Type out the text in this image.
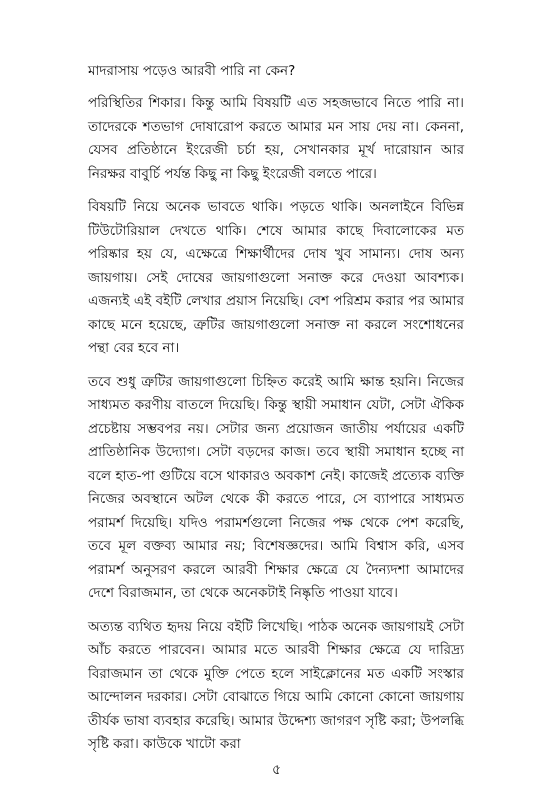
মাদরাসায় পড়েও আরবী পারি না কেন?

পরিস্থিতির শিকার। কিন্তু আমি বিষয়টি এত সহজভাবে নিতে পারি না। তাদেরকে শতভাগ দোষারোপ করতে আমার মন সায় দেয় না। কেননা, যেসব প্রতিষ্ঠানে ইংরেজী চর্চা হয়, সেখানকার মূর্খ দারোয়ান আর নিরক্ষর বাবুর্চি পর্যন্ত কিছু না কিছু ইংরেজী বলতে পারে।

বিষয়টি নিয়ে অনেক ভাবতে থাকি। পড়তে থাকি। অনলাইনে বিভিন্ন টিউটোরিয়াল দেখতে থাকি। শেষে আমার কাছে দিবালোকের মত পরিষ্কার হয় যে, এক্ষেত্রে শিক্ষার্থীদের দোষ খুব সামান্য। দোষ অন্য জায়গায়। সেই দোষের জায়গাগুলো সনাক্ত করে দেওয়া আবশ্যক। এজন্যই এই বইটি লেখার প্রয়াস নিয়েছি। বেশ পরিশ্রম করার পর আমার কাছে মনে হয়েছে, ত্রুটির জায়গাগুলো সনাক্ত না করলে সংশোধনের পন্থা বের হবে না।

তবে শুধু ত্রুটির জায়গাগুলো চিহ্নিত করেই আমি ক্ষান্ত হয়নি। নিজের সাধ্যমত করণীয় বাতলে দিয়েছি। কিন্তু স্থায়ী সমাধান যেটা, সেটা ঐকিক প্রচেষ্টায় সম্ভবপর নয়। সেটার জন্য প্রয়োজন জাতীয় পর্যায়ের একটি প্রাতিষ্ঠানিক উদ্যোগ। সেটা বড়দের কাজ। তবে স্থায়ী সমাধান হচ্ছে না বলে হাত-পা গুটিয়ে বসে থাকারও অবকাশ নেই। কাজেই প্রত্যেক ব্যক্তি নিজের অবস্থানে অটল থেকে কী করতে পারে, সে ব্যাপারে সাধ্যমত পরামর্শ দিয়েছি। যদিও পরামর্শগুলো নিজের পক্ষ থেকে পেশ করেছি, তবে মূল বক্তব্য আমার নয়; বিশেষজ্ঞদের। আমি বিশ্বাস করি, এসব পরামর্শ অনুসরণ করলে আরবী শিক্ষার ক্ষেত্রে যে দৈন্যদশা আমাদের দেশে বিরাজমান, তা থেকে অনেকটাই নিষ্কৃতি পাওয়া যাবে।

অত্যন্ত ব্যথিত হৃদয় নিয়ে বইটি লিখেছি। পাঠক অনেক জায়গায়ই সেটা আঁচ করতে পারবেন। আমার মতে আরবী শিক্ষার ক্ষেত্রে যে দারিদ্র্য বিরাজমান তা থেকে মুক্তি পেতে হলে সাইক্লোনের মত একটি সংস্কার আন্দোলন দরকার। সেটা বোঝাতে গিয়ে আমি কোনো কোনো জায়গায় তীর্যক ভাষা ব্যবহার করেছি। আমার উদ্দেশ্য জাগরণ সৃষ্টি করা; উপলব্ধি সৃষ্টি করা। কাউকে খাটো করা

৫
